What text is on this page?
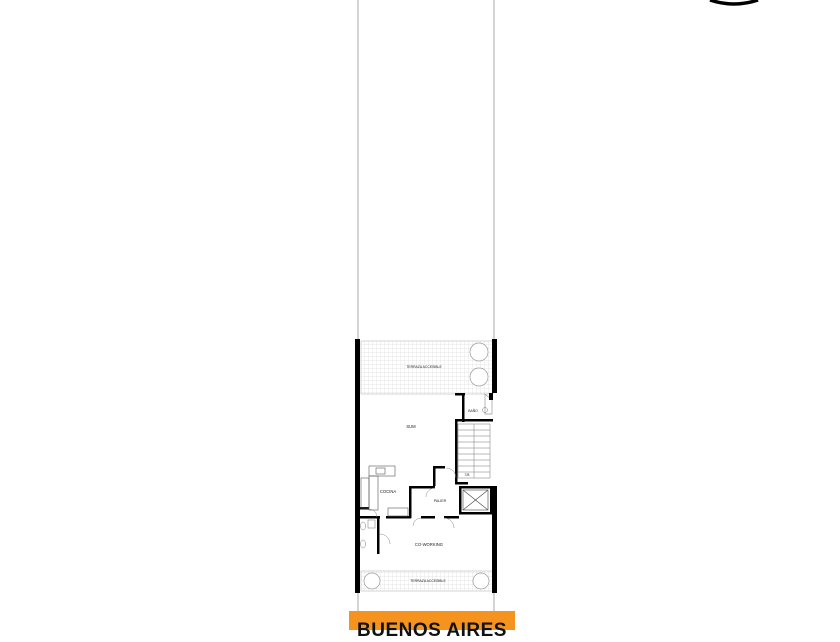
TERRAZA ACCESIBLE
BAÑO
SUM
7/8
COCINA
PALIER
CO-WORKING
TERRAZA ACCESIBLE
BUENOS AIRES
